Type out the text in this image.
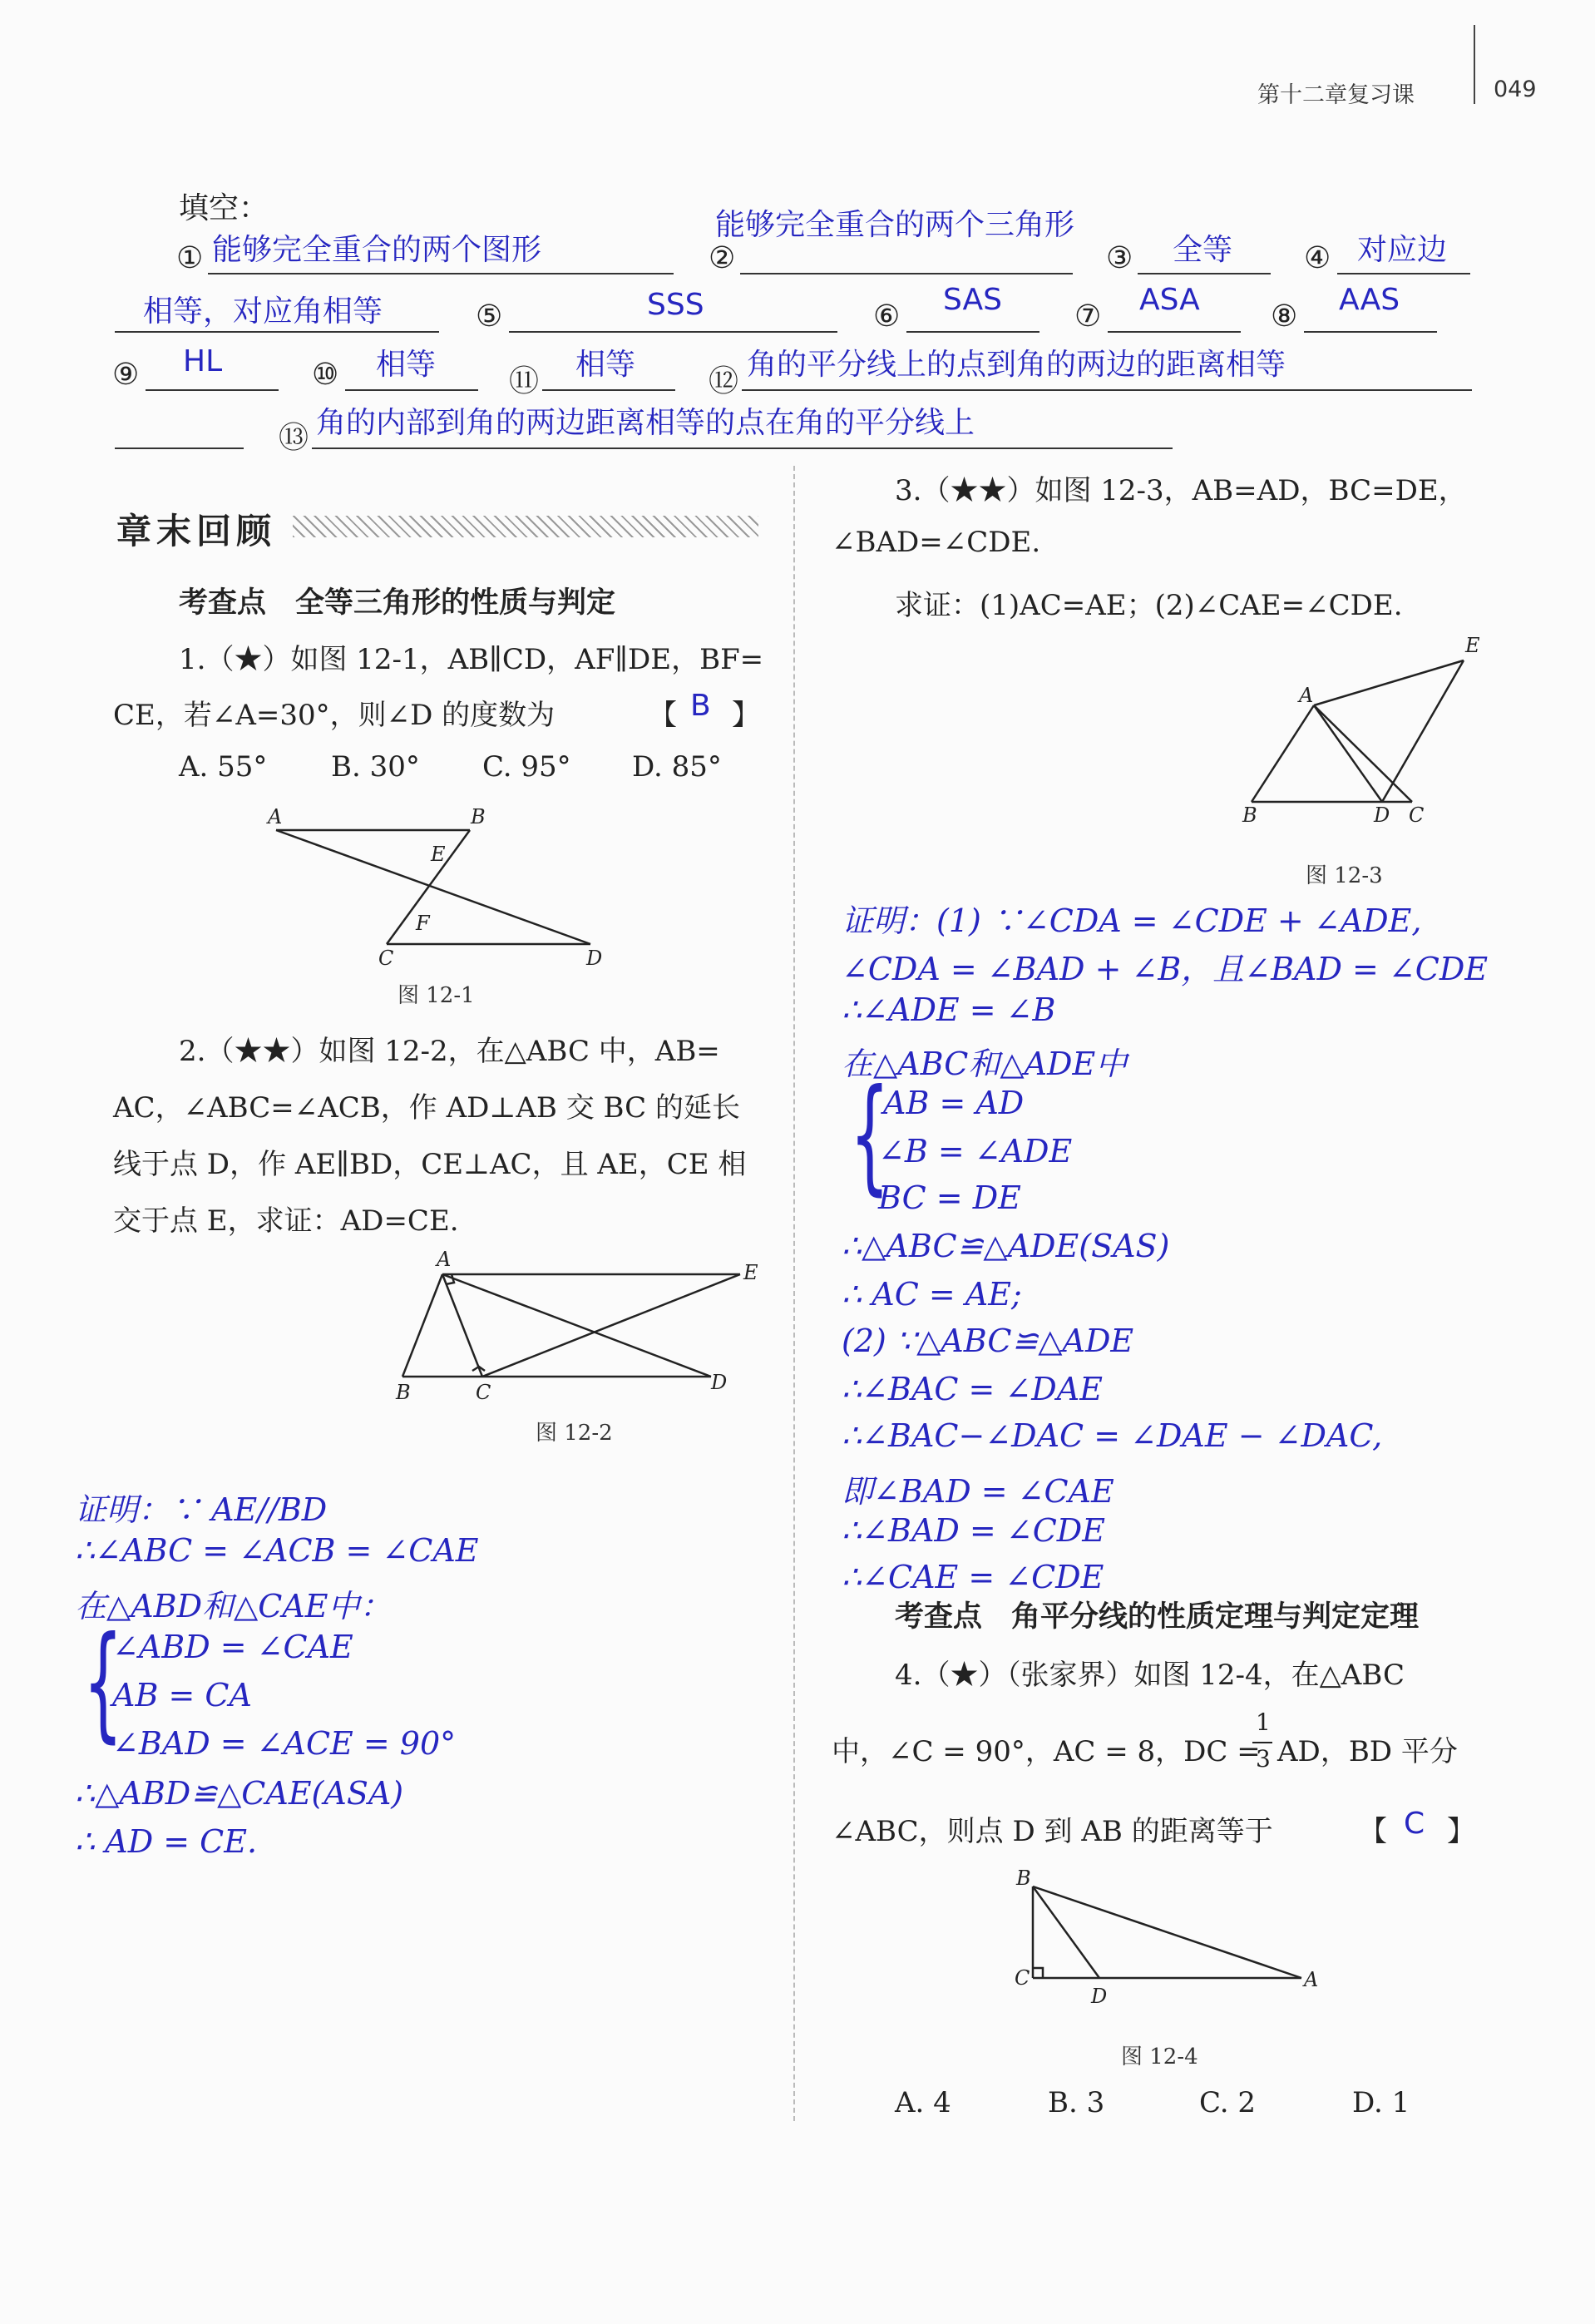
第十二章复习课	049
填空：
① 能够完全重合的两个图形	②
能够完全重合的两个三角形
③ 全等 ④ 对应边
相等，对应角相等	⑤	SSS	⑥ SAS ⑦ ASA ⑧ AAS
⑨ HL	⑩ 相等 ⑪ 相等 ⑫ 角的平分线上的点到角的两边的距离相等
⑬ 角的内部到角的两边距离相等的点在角的平分线上
章末回顾
考查点　全等三角形的性质与判定
1.（★）如图 12-1，AB∥CD，AF∥DE，BF=
CE，若∠A=30°，则∠D 的度数为	【 B 】
A. 55° B. 30° C. 95° D. 85°
A	B
E
F
C	D
图 12-1
2.（★★）如图 12-2，在△ABC 中，AB=
AC，∠ABC=∠ACB，作 AD⊥AB 交 BC 的延长
线于点 D，作 AE∥BD，CE⊥AC，且 AE，CE 相
交于点 E，求证：AD=CE.
A
E
B	C	D
图 12-2
证明：∵ AE//BD
∴∠ABC = ∠ACB = ∠CAE
在△ABD和△CAE中：
{
∠ABD = ∠CAE
AB = CA
∠BAD = ∠ACE = 90°
∴△ABD≌△CAE(ASA)
∴ AD = CE.
3.（★★）如图 12-3，AB=AD，BC=DE，
∠BAD=∠CDE.
求证：(1)AC=AE；(2)∠CAE=∠CDE.
E
A
B	D C
图 12-3
证明：(1) ∵∠CDA = ∠CDE + ∠ADE,
∠CDA = ∠BAD + ∠B，且∠BAD = ∠CDE
∴∠ADE = ∠B
在△ABC和△ADE中
{
AB = AD
∠B = ∠ADE
BC = DE
∴△ABC≌△ADE(SAS)
∴ AC = AE;
(2) ∵△ABC≌△ADE
∴∠BAC = ∠DAE
∴∠BAC−∠DAC = ∠DAE − ∠DAC,
即∠BAD = ∠CAE
∴∠BAD = ∠CDE
∴∠CAE = ∠CDE
考查点　角平分线的性质定理与判定定理
4.（★）（张家界）如图 12-4，在△ABC
中，∠C = 90°，AC = 8，DC =
1
3 AD，BD 平分
∠ABC，则点 D 到 AB 的距离等于	【 C 】
B
C
D
A
图 12-4
A. 4	B. 3	C. 2	D. 1
